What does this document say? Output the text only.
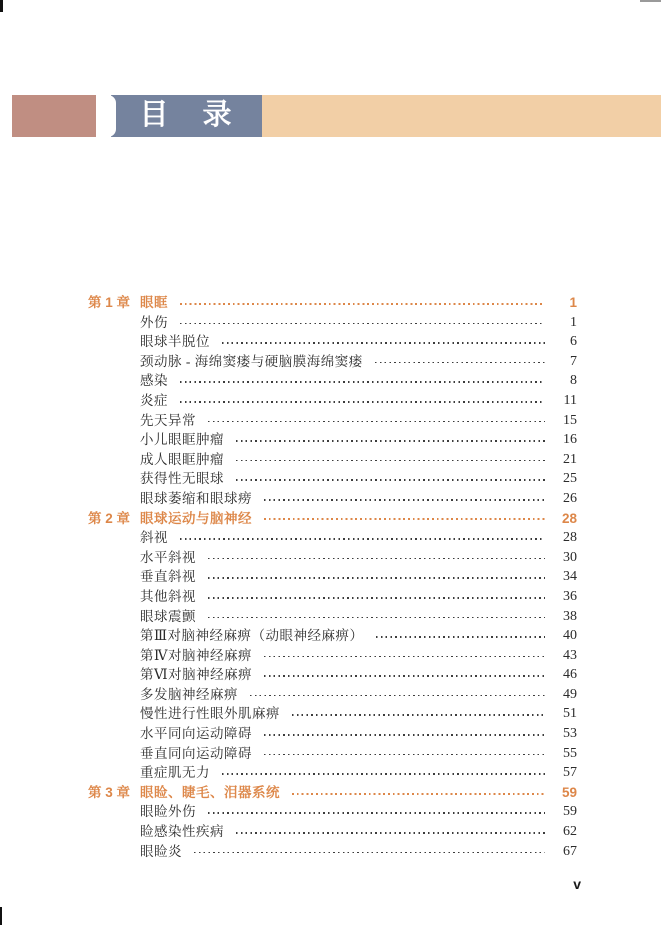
目 录
第 1 章 眼眶	1
外伤	1
眼球半脱位	6
颈动脉 - 海绵窦瘘与硬脑膜海绵窦瘘	7
感染	8
炎症	11
先天异常	15
小儿眼眶肿瘤	16
成人眼眶肿瘤	21
获得性无眼球	25
眼球萎缩和眼球痨	26
第 2 章 眼球运动与脑神经	28
斜视	28
水平斜视	30
垂直斜视	34
其他斜视	36
眼球震颤	38
第Ⅲ对脑神经麻痹（动眼神经麻痹）	40
第Ⅳ对脑神经麻痹	43
第Ⅵ对脑神经麻痹	46
多发脑神经麻痹	49
慢性进行性眼外肌麻痹	51
水平同向运动障碍	53
垂直同向运动障碍	55
重症肌无力	57
第 3 章 眼睑、睫毛、泪器系统	59
眼睑外伤	59
睑感染性疾病	62
眼睑炎	67
v
